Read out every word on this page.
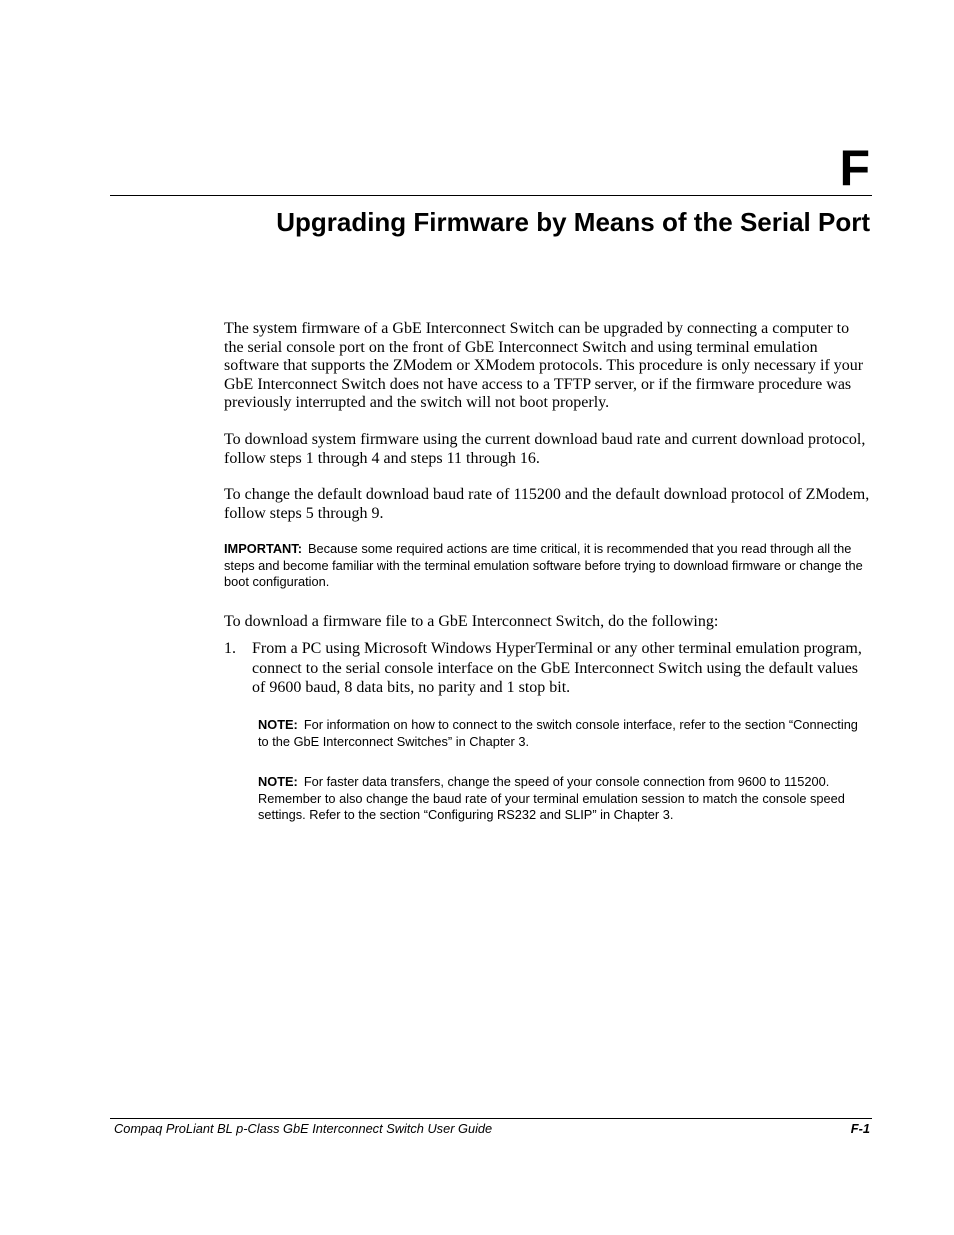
F
Upgrading Firmware by Means of the Serial Port

The system firmware of a GbE Interconnect Switch can be upgraded by connecting a computer to the serial console port on the front of GbE Interconnect Switch and using terminal emulation software that supports the ZModem or XModem protocols. This procedure is only necessary if your GbE Interconnect Switch does not have access to a TFTP server, or if the firmware procedure was previously interrupted and the switch will not boot properly.

To download system firmware using the current download baud rate and current download protocol, follow steps 1 through 4 and steps 11 through 16.

To change the default download baud rate of 115200 and the default download protocol of ZModem, follow steps 5 through 9.

IMPORTANT: Because some required actions are time critical, it is recommended that you read through all the steps and become familiar with the terminal emulation software before trying to download firmware or change the boot configuration.

To download a firmware file to a GbE Interconnect Switch, do the following:

1. From a PC using Microsoft Windows HyperTerminal or any other terminal emulation program, connect to the serial console interface on the GbE Interconnect Switch using the default values of 9600 baud, 8 data bits, no parity and 1 stop bit.

NOTE: For information on how to connect to the switch console interface, refer to the section “Connecting to the GbE Interconnect Switches” in Chapter 3.

NOTE: For faster data transfers, change the speed of your console connection from 9600 to 115200. Remember to also change the baud rate of your terminal emulation session to match the console speed settings. Refer to the section “Configuring RS232 and SLIP” in Chapter 3.

Compaq ProLiant BL p-Class GbE Interconnect Switch User Guide	F-1
